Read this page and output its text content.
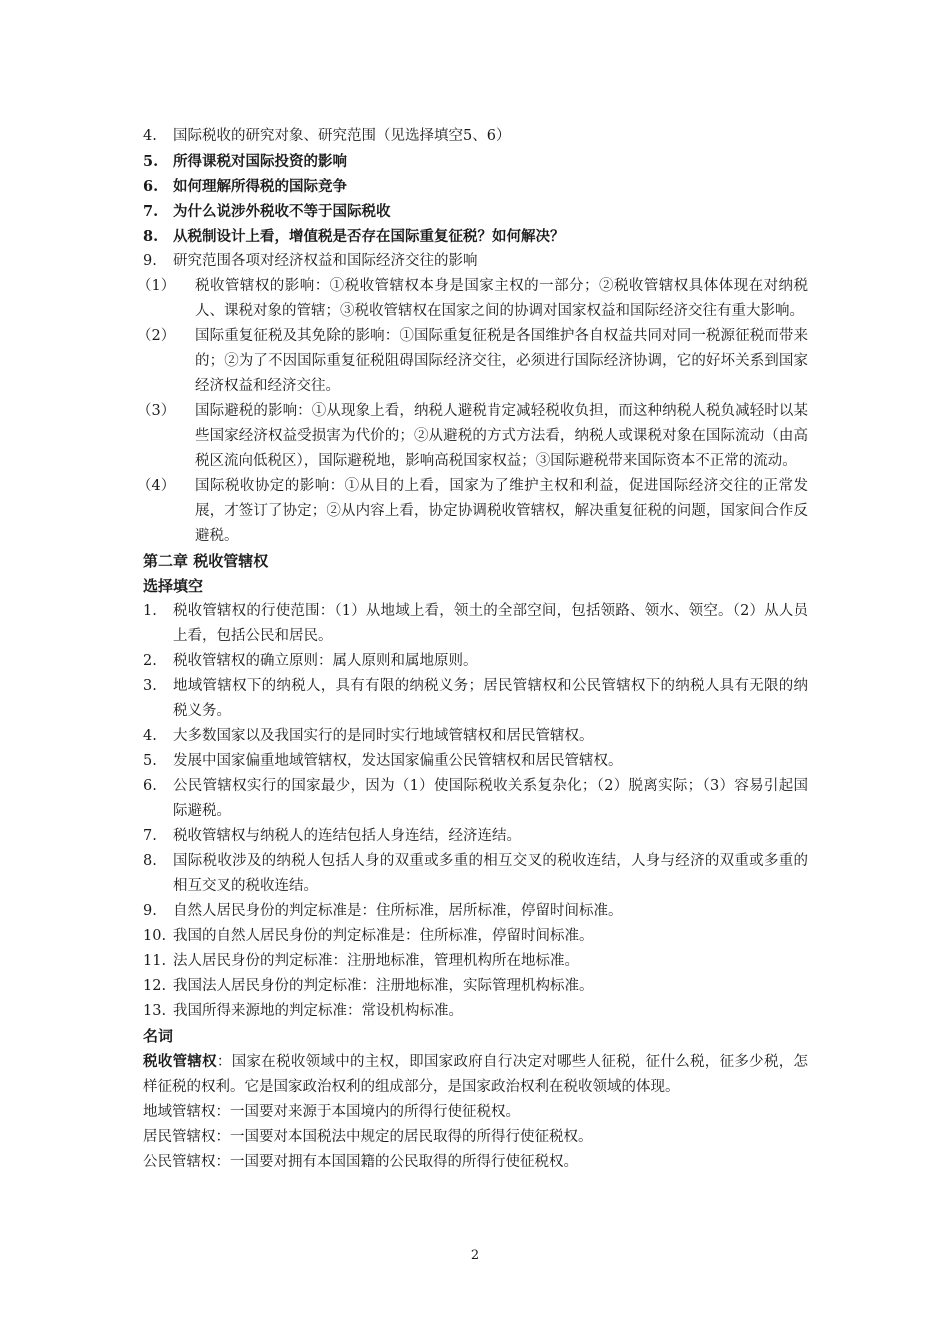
4. 国际税收的研究对象、研究范围（见选择填空5、6）
5. 所得课税对国际投资的影响
6. 如何理解所得税的国际竞争
7. 为什么说涉外税收不等于国际税收
8. 从税制设计上看，增值税是否存在国际重复征税？如何解决？
9. 研究范围各项对经济权益和国际经济交往的影响
（1）	税收管辖权的影响：①税收管辖权本身是国家主权的一部分；②税收管辖权具体体现在对纳税人、课税对象的管辖；③税收管辖权在国家之间的协调对国家权益和国际经济交往有重大影响。
（2）	国际重复征税及其免除的影响：①国际重复征税是各国维护各自权益共同对同一税源征税而带来的；②为了不因国际重复征税阻碍国际经济交往，必须进行国际经济协调，它的好坏关系到国家经济权益和经济交往。
（3）	国际避税的影响：①从现象上看，纳税人避税肯定减轻税收负担，而这种纳税人税负减轻时以某些国家经济权益受损害为代价的；②从避税的方式方法看，纳税人或课税对象在国际流动（由高税区流向低税区），国际避税地，影响高税国家权益；③国际避税带来国际资本不正常的流动。
（4）	国际税收协定的影响：①从目的上看，国家为了维护主权和利益，促进国际经济交往的正常发展，才签订了协定；②从内容上看，协定协调税收管辖权，解决重复征税的问题，国家间合作反避税。
第二章 税收管辖权
选择填空
1.	税收管辖权的行使范围：（1）从地域上看，领土的全部空间，包括领路、领水、领空。（2）从人员上看，包括公民和居民。
2.	税收管辖权的确立原则：属人原则和属地原则。
3.	地域管辖权下的纳税人，具有有限的纳税义务；居民管辖权和公民管辖权下的纳税人具有无限的纳税义务。
4.	大多数国家以及我国实行的是同时实行地域管辖权和居民管辖权。
5.	发展中国家偏重地域管辖权，发达国家偏重公民管辖权和居民管辖权。
6.	公民管辖权实行的国家最少，因为（1）使国际税收关系复杂化；（2）脱离实际；（3）容易引起国际避税。
7.	税收管辖权与纳税人的连结包括人身连结，经济连结。
8.	国际税收涉及的纳税人包括人身的双重或多重的相互交叉的税收连结，人身与经济的双重或多重的相互交叉的税收连结。
9.	自然人居民身份的判定标准是：住所标准，居所标准，停留时间标准。
10. 我国的自然人居民身份的判定标准是：住所标准，停留时间标准。
11. 法人居民身份的判定标准：注册地标准，管理机构所在地标准。
12. 我国法人居民身份的判定标准：注册地标准，实际管理机构标准。
13. 我国所得来源地的判定标准：常设机构标准。
名词
税收管辖权：国家在税收领域中的主权，即国家政府自行决定对哪些人征税，征什么税，征多少税，怎样征税的权利。它是国家政治权利的组成部分，是国家政治权利在税收领域的体现。
地域管辖权：一国要对来源于本国境内的所得行使征税权。
居民管辖权：一国要对本国税法中规定的居民取得的所得行使征税权。
公民管辖权：一国要对拥有本国国籍的公民取得的所得行使征税权。
2
